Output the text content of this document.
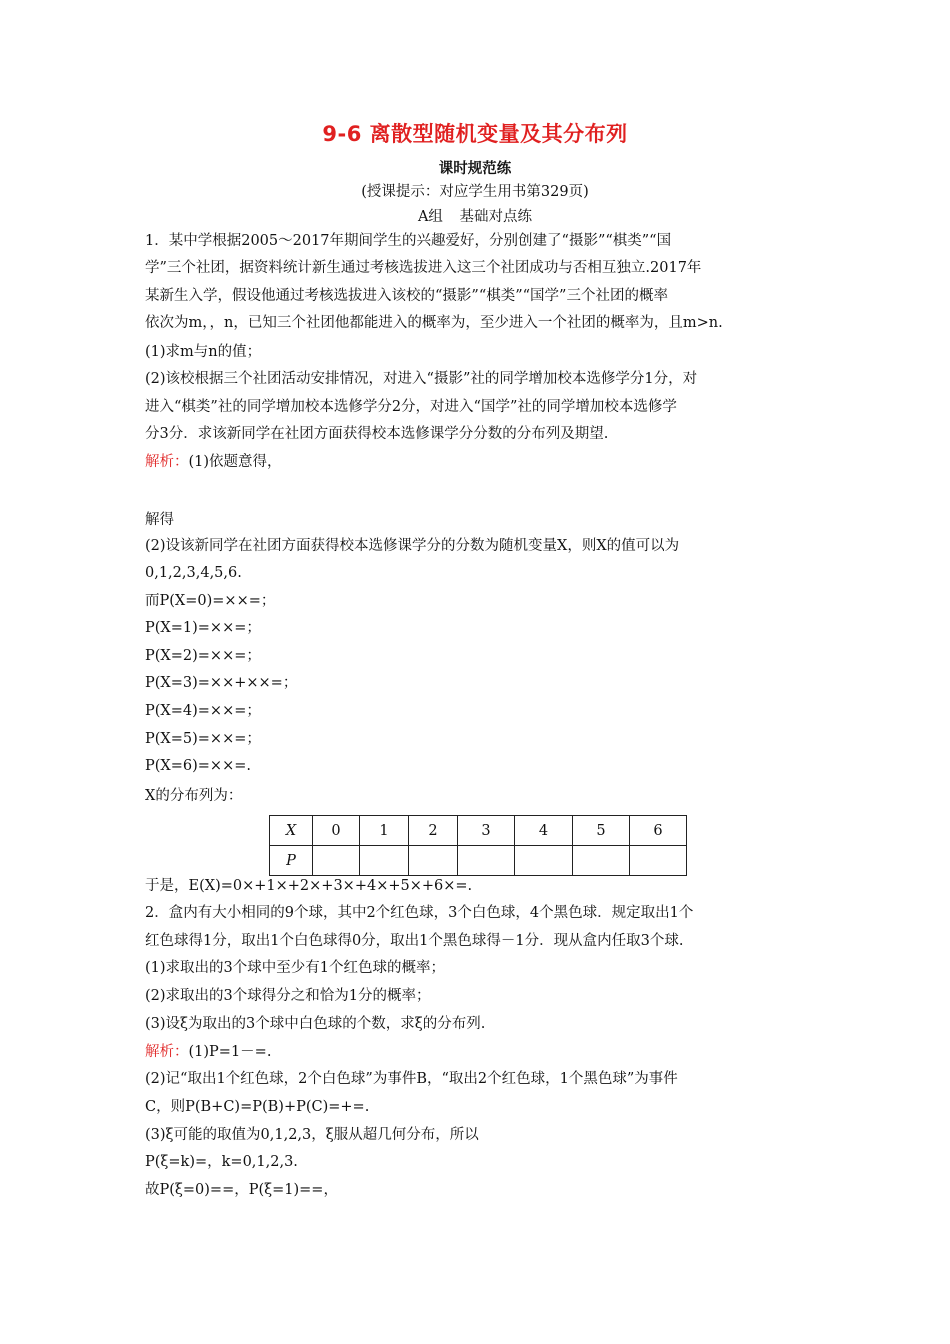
9-6 离散型随机变量及其分布列
课时规范练
(授课提示：对应学生用书第329页)
A组 基础对点练
1．某中学根据2005～2017年期间学生的兴趣爱好，分别创建了“摄影”“棋类”“国
学”三个社团，据资料统计新生通过考核选拔进入这三个社团成功与否相互独立.2017年
某新生入学，假设他通过考核选拔进入该校的“摄影”“棋类”“国学”三个社团的概率
依次为m，，n，已知三个社团他都能进入的概率为，至少进入一个社团的概率为，且m>n.
(1)求m与n的值；
(2)该校根据三个社团活动安排情况，对进入“摄影”社的同学增加校本选修学分1分，对
进入“棋类”社的同学增加校本选修学分2分，对进入“国学”社的同学增加校本选修学
分3分．求该新同学在社团方面获得校本选修课学分分数的分布列及期望.
解析：(1)依题意得，
解得
(2)设该新同学在社团方面获得校本选修课学分的分数为随机变量X，则X的值可以为
0,1,2,3,4,5,6.
而P(X=0)=××=；
P(X=1)=××=；
P(X=2)=××=；
P(X=3)=××+××=；
P(X=4)=××=；
P(X=5)=××=；
P(X=6)=××=.
X的分布列为：
X	0	1	2	3	4	5	6
P							
于是，E(X)=0×+1×+2×+3×+4×+5×+6×=.
2．盒内有大小相同的9个球，其中2个红色球，3个白色球，4个黑色球．规定取出1个
红色球得1分，取出1个白色球得0分，取出1个黑色球得－1分．现从盒内任取3个球.
(1)求取出的3个球中至少有1个红色球的概率；
(2)求取出的3个球得分之和恰为1分的概率；
(3)设ξ为取出的3个球中白色球的个数，求ξ的分布列.
解析：(1)P=1－=.
(2)记“取出1个红色球，2个白色球”为事件B，“取出2个红色球，1个黑色球”为事件
C，则P(B+C)=P(B)+P(C)=+=.
(3)ξ可能的取值为0,1,2,3，ξ服从超几何分布，所以
P(ξ=k)=，k=0,1,2,3.
故P(ξ=0)==，P(ξ=1)==，
